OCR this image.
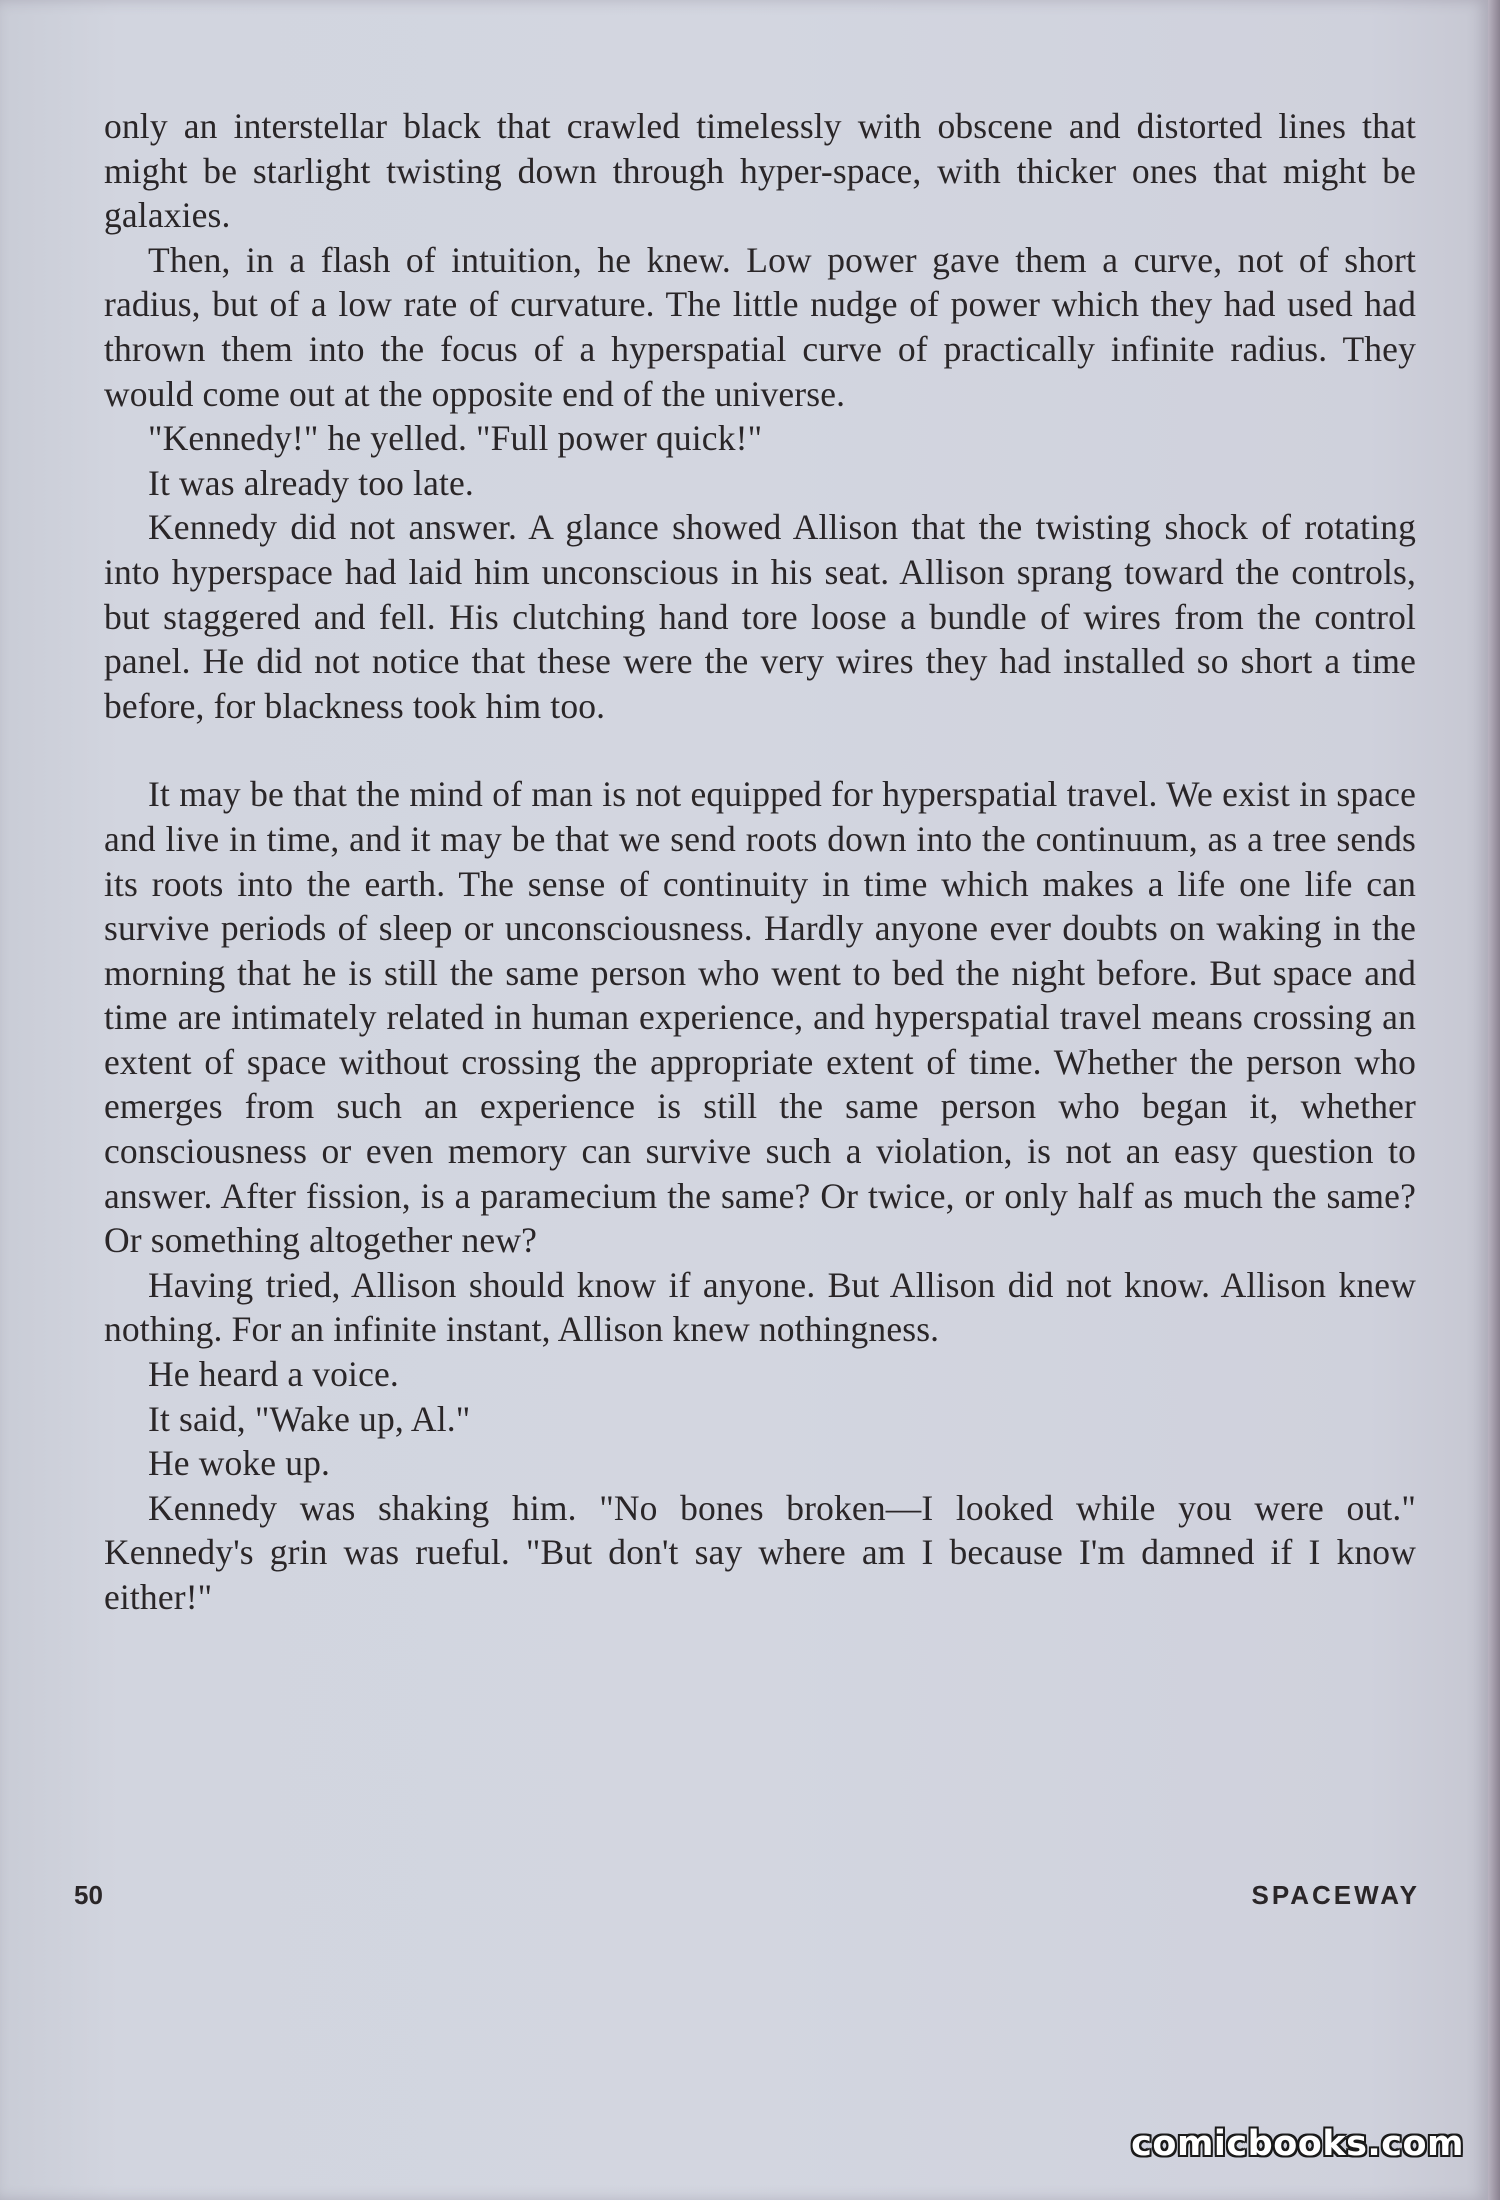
only an interstellar black that crawled timelessly with obscene and distorted lines that might be starlight twisting down through hyper-space, with thicker ones that might be galaxies.

Then, in a flash of intuition, he knew. Low power gave them a curve, not of short radius, but of a low rate of curvature. The little nudge of power which they had used had thrown them into the focus of a hyperspatial curve of practically infinite radius. They would come out at the opposite end of the universe.

"Kennedy!" he yelled. "Full power quick!"

It was already too late.

Kennedy did not answer. A glance showed Allison that the twisting shock of rotating into hyperspace had laid him unconscious in his seat. Allison sprang toward the controls, but staggered and fell. His clutching hand tore loose a bundle of wires from the control panel. He did not notice that these were the very wires they had installed so short a time before, for blackness took him too.

It may be that the mind of man is not equipped for hyperspatial travel. We exist in space and live in time, and it may be that we send roots down into the continuum, as a tree sends its roots into the earth. The sense of continuity in time which makes a life one life can survive periods of sleep or unconsciousness. Hardly anyone ever doubts on waking in the morning that he is still the same person who went to bed the night before. But space and time are intimately related in human experience, and hyperspatial travel means crossing an extent of space without crossing the appropriate extent of time. Whether the person who emerges from such an experience is still the same person who began it, whether consciousness or even memory can survive such a violation, is not an easy question to answer. After fission, is a paramecium the same? Or twice, or only half as much the same? Or something altogether new?

Having tried, Allison should know if anyone. But Allison did not know. Allison knew nothing. For an infinite instant, Allison knew nothingness.

He heard a voice.

It said, "Wake up, Al."

He woke up.

Kennedy was shaking him. "No bones broken—I looked while you were out." Kennedy's grin was rueful. "But don't say where am I because I'm damned if I know either!"

50	SPACEWAY
comicbooks.com
